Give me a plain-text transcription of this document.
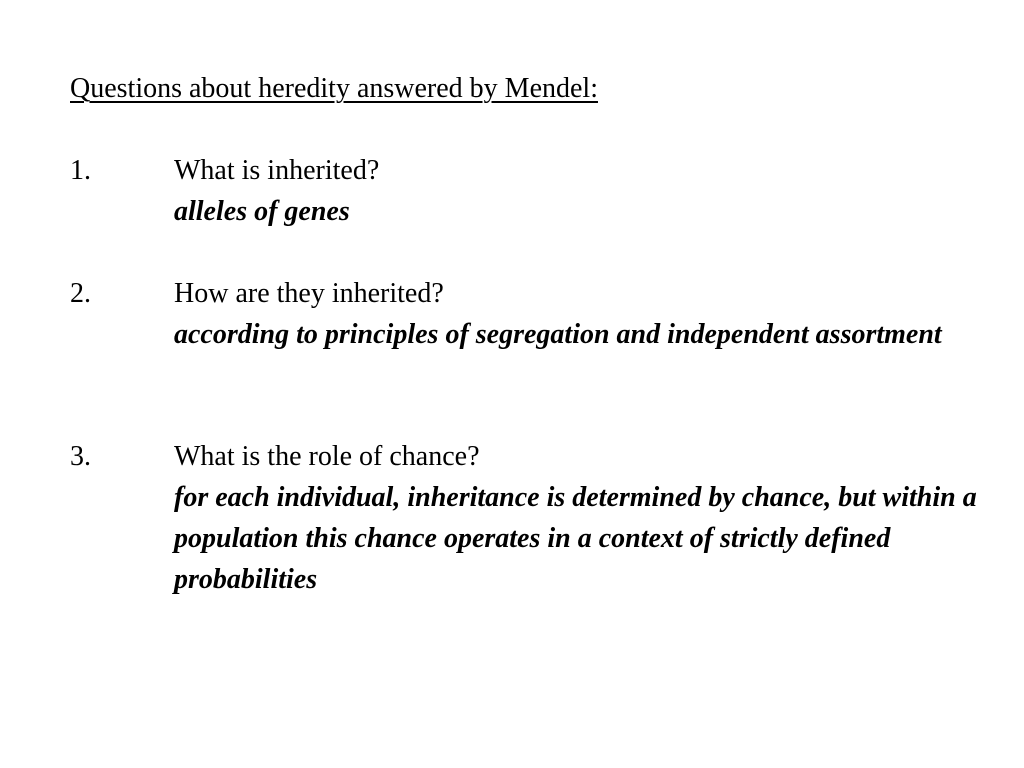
Questions about heredity answered by Mendel:
1.	What is inherited?
alleles of genes
2.	How are they inherited?
according to principles of segregation and independent assortment
3.	What is the role of chance?
for each individual, inheritance is determined by chance, but within a population this chance operates in a context of strictly defined probabilities
